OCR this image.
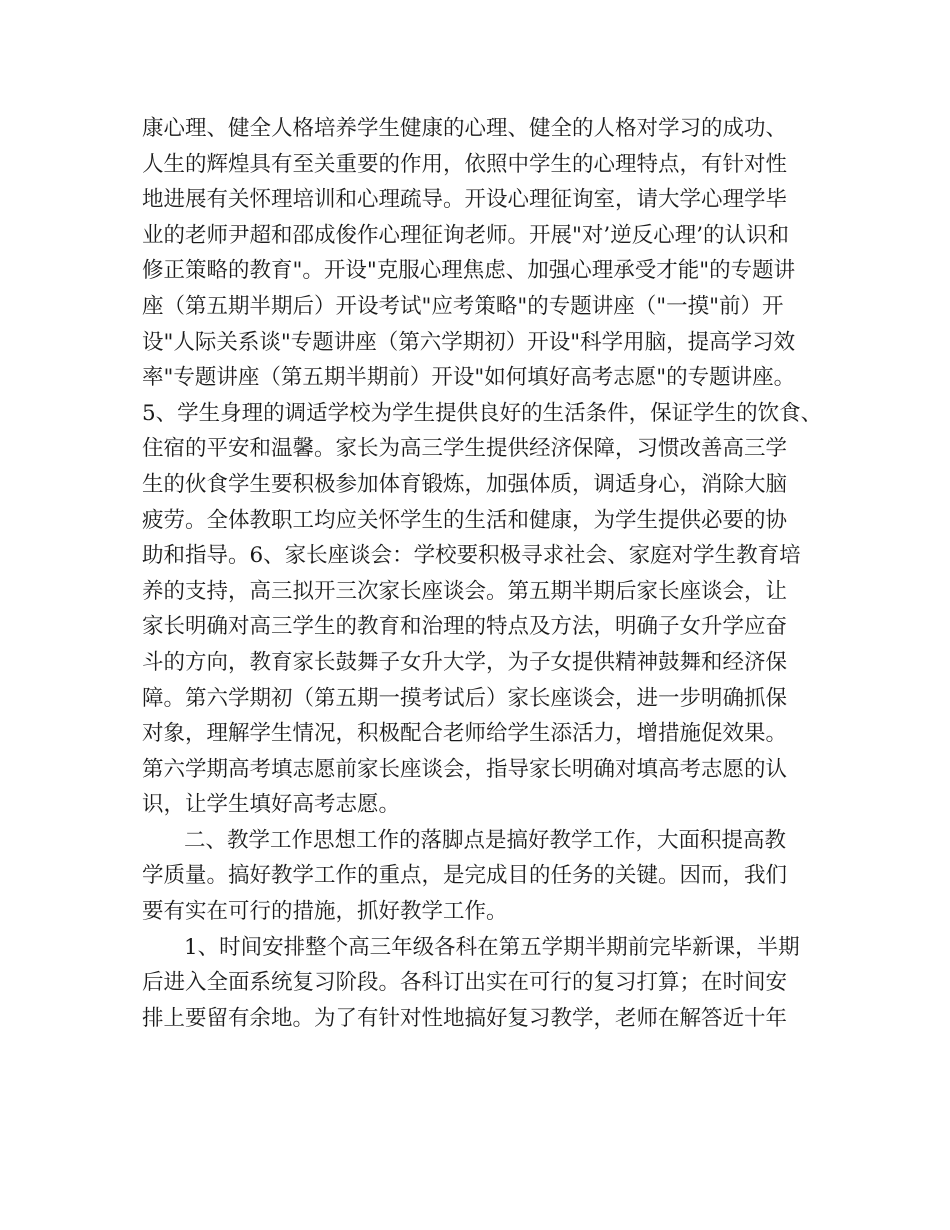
康心理、健全人格培养学生健康的心理、健全的人格对学习的成功、
人生的辉煌具有至关重要的作用，依照中学生的心理特点，有针对性
地进展有关怀理培训和心理疏导。开设心理征询室，请大学心理学毕
业的老师尹超和邵成俊作心理征询老师。开展"对’逆反心理’的认识和
修正策略的教育"。开设"克服心理焦虑、加强心理承受才能"的专题讲
座（第五期半期后）开设考试"应考策略"的专题讲座（"一摸"前）开
设"人际关系谈"专题讲座（第六学期初）开设"科学用脑，提高学习效
率"专题讲座（第五期半期前）开设"如何填好高考志愿"的专题讲座。
5、学生身理的调适学校为学生提供良好的生活条件，保证学生的饮食、
住宿的平安和温馨。家长为高三学生提供经济保障，习惯改善高三学
生的伙食学生要积极参加体育锻炼，加强体质，调适身心，消除大脑
疲劳。全体教职工均应关怀学生的生活和健康，为学生提供必要的协
助和指导。6、家长座谈会：学校要积极寻求社会、家庭对学生教育培
养的支持，高三拟开三次家长座谈会。第五期半期后家长座谈会，让
家长明确对高三学生的教育和治理的特点及方法，明确子女升学应奋
斗的方向，教育家长鼓舞子女升大学，为子女提供精神鼓舞和经济保
障。第六学期初（第五期一摸考试后）家长座谈会，进一步明确抓保
对象，理解学生情况，积极配合老师给学生添活力，增措施促效果。
第六学期高考填志愿前家长座谈会，指导家长明确对填高考志愿的认
识，让学生填好高考志愿。
二、教学工作思想工作的落脚点是搞好教学工作，大面积提高教
学质量。搞好教学工作的重点，是完成目的任务的关键。因而，我们
要有实在可行的措施，抓好教学工作。
1、时间安排整个高三年级各科在第五学期半期前完毕新课，半期
后进入全面系统复习阶段。各科订出实在可行的复习打算；在时间安
排上要留有余地。为了有针对性地搞好复习教学，老师在解答近十年
